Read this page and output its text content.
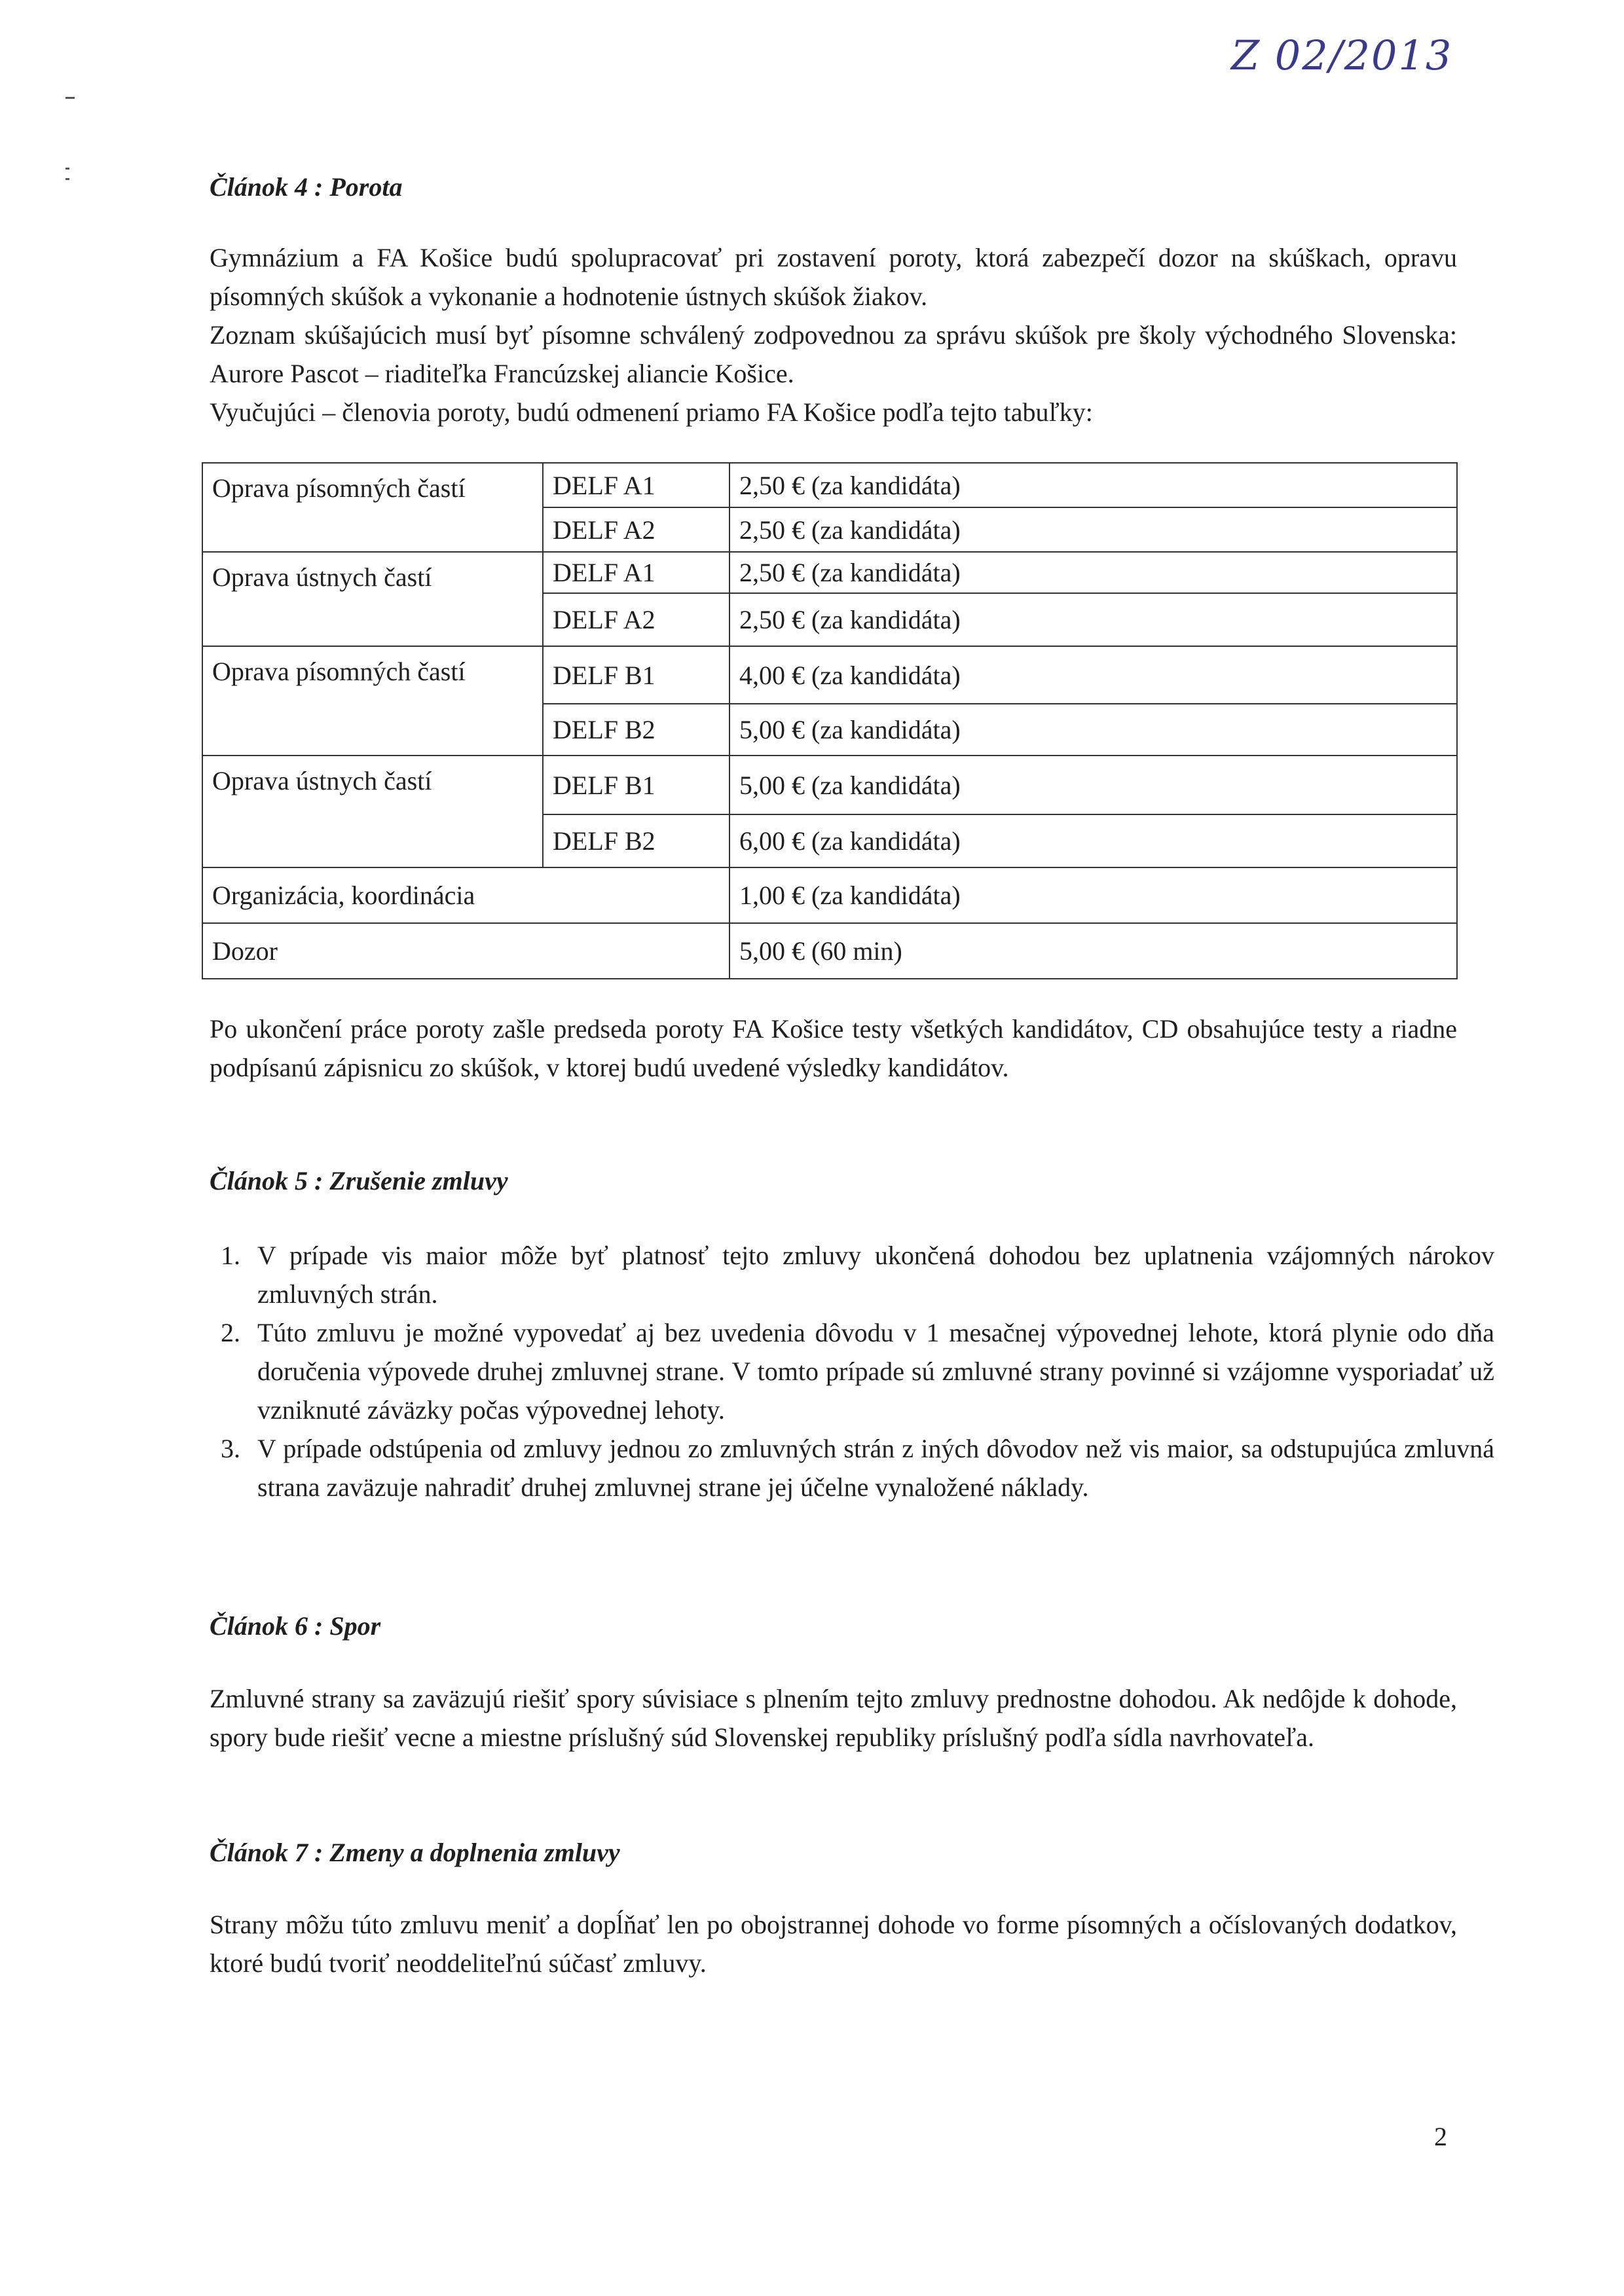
Z 02/2013
Článok 4 : Porota

Gymnázium a FA Košice budú spolupracovať pri zostavení poroty, ktorá zabezpečí dozor na skúškach, opravu písomných skúšok a vykonanie a hodnotenie ústnych skúšok žiakov.

Zoznam skúšajúcich musí byť písomne schválený zodpovednou za správu skúšok pre školy východného Slovenska: Aurore Pascot – riaditeľka Francúzskej aliancie Košice.

Vyučujúci – členovia poroty, budú odmenení priamo FA Košice podľa tejto tabuľky:

Oprava písomných častí	DELF A1	2,50 € (za kandidáta)
	DELF A2	2,50 € (za kandidáta)
Oprava ústnych častí	DELF A1	2,50 € (za kandidáta)
	DELF A2	2,50 € (za kandidáta)
Oprava písomných častí	DELF B1	4,00 € (za kandidáta)
	DELF B2	5,00 € (za kandidáta)
Oprava ústnych častí	DELF B1	5,00 € (za kandidáta)
	DELF B2	6,00 € (za kandidáta)
Organizácia, koordinácia		1,00 € (za kandidáta)
Dozor		5,00 € (60 min)

Po ukončení práce poroty zašle predseda poroty FA Košice testy všetkých kandidátov, CD obsahujúce testy a riadne podpísanú zápisnicu zo skúšok, v ktorej budú uvedené výsledky kandidátov.

Článok 5 : Zrušenie zmluvy
1. V prípade vis maior môže byť platnosť tejto zmluvy ukončená dohodou bez uplatnenia vzájomných nárokov zmluvných strán.
2. Túto zmluvu je možné vypovedať aj bez uvedenia dôvodu v 1 mesačnej výpovednej lehote, ktorá plynie odo dňa doručenia výpovede druhej zmluvnej strane. V tomto prípade sú zmluvné strany povinné si vzájomne vysporiadať už vzniknuté záväzky počas výpovednej lehoty.
3. V prípade odstúpenia od zmluvy jednou zo zmluvných strán z iných dôvodov než vis maior, sa odstupujúca zmluvná strana zaväzuje nahradiť druhej zmluvnej strane jej účelne vynaložené náklady.
Článok 6 : Spor

Zmluvné strany sa zaväzujú riešiť spory súvisiace s plnením tejto zmluvy prednostne dohodou. Ak nedôjde k dohode, spory bude riešiť vecne a miestne príslušný súd Slovenskej republiky príslušný podľa sídla navrhovateľa.

Článok 7 : Zmeny a doplnenia zmluvy

Strany môžu túto zmluvu meniť a dopĺňať len po obojstrannej dohode vo forme písomných a očíslovaných dodatkov, ktoré budú tvoriť neoddeliteľnú súčasť zmluvy.

2
